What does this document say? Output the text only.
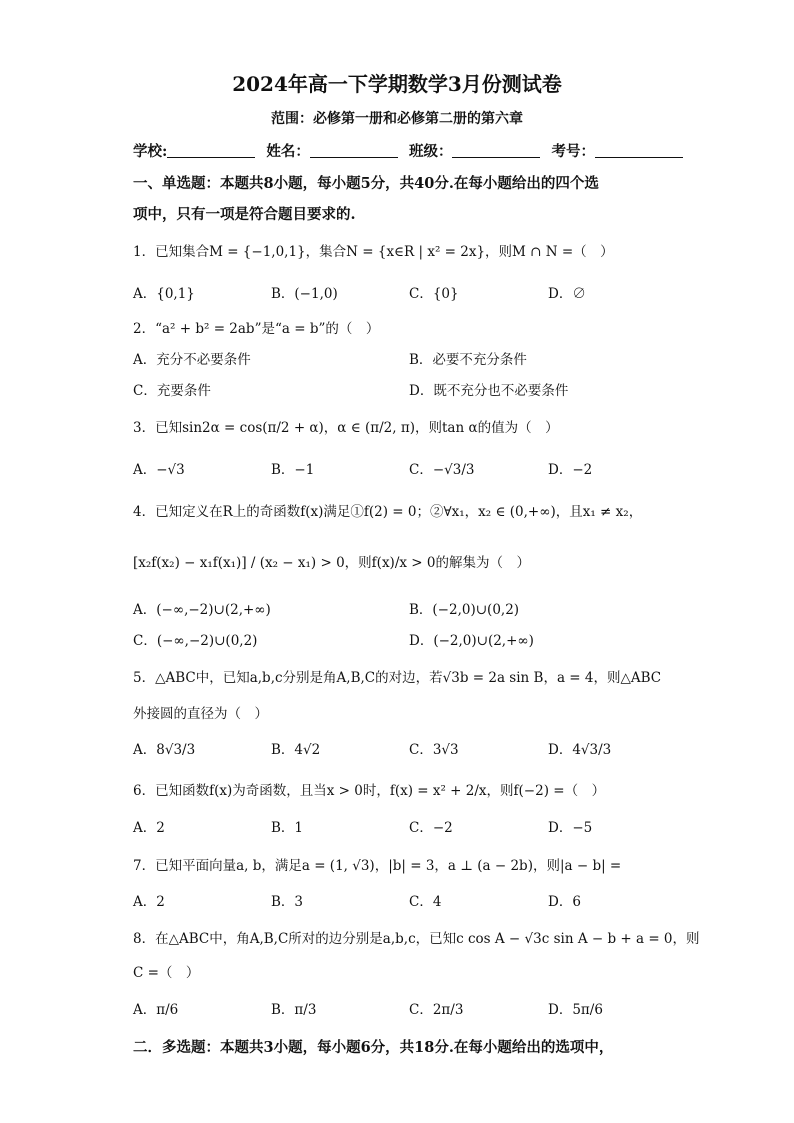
2024年高一下学期数学3月份测试卷
范围：必修第一册和必修第二册的第六章
学校:	姓名：	班级：	考号：
一、单选题：本题共8小题，每小题5分，共40分.在每小题给出的四个选
项中，只有一项是符合题目要求的.
1．已知集合M = {−1,0,1}，集合N = {x∈R | x² = 2x}，则M ∩ N =（　）
A．{0,1}	B．(−1,0)	C．{0}	D．∅
2．“a² + b² = 2ab”是“a = b”的（　）
A．充分不必要条件	B．必要不充分条件
C．充要条件	D．既不充分也不必要条件
3．已知sin2α = cos(π/2 + α)，α ∈ (π/2, π)，则tan α的值为（　）
A．−√3	B．−1	C．−√3/3	D．−2
4．已知定义在R上的奇函数f(x)满足①f(2) = 0；②∀x₁，x₂ ∈ (0,+∞)，且x₁ ≠ x₂，
[x₂f(x₂) − x₁f(x₁)] / (x₂ − x₁) > 0，则f(x)/x > 0的解集为（　）
A．(−∞,−2)∪(2,+∞)	B．(−2,0)∪(0,2)
C．(−∞,−2)∪(0,2)	D．(−2,0)∪(2,+∞)
5．△ABC中，已知a,b,c分别是角A,B,C的对边，若√3b = 2a sin B，a = 4，则△ABC
外接圆的直径为（　）
A．8√3/3	B．4√2	C．3√3	D．4√3/3
6．已知函数f(x)为奇函数，且当x > 0时，f(x) = x² + 2/x，则f(−2) =（　）
A．2	B．1	C．−2	D．−5
7．已知平面向量a, b，满足a = (1, √3)，|b| = 3，a ⊥ (a − 2b)，则|a − b| =
A．2	B．3	C．4	D．6
8．在△ABC中，角A,B,C所对的边分别是a,b,c，已知c cos A − √3c sin A − b + a = 0，则
C =（　）
A．π/6	B．π/3	C．2π/3	D．5π/6
二．多选题：本题共3小题，每小题6分，共18分.在每小题给出的选项中，
